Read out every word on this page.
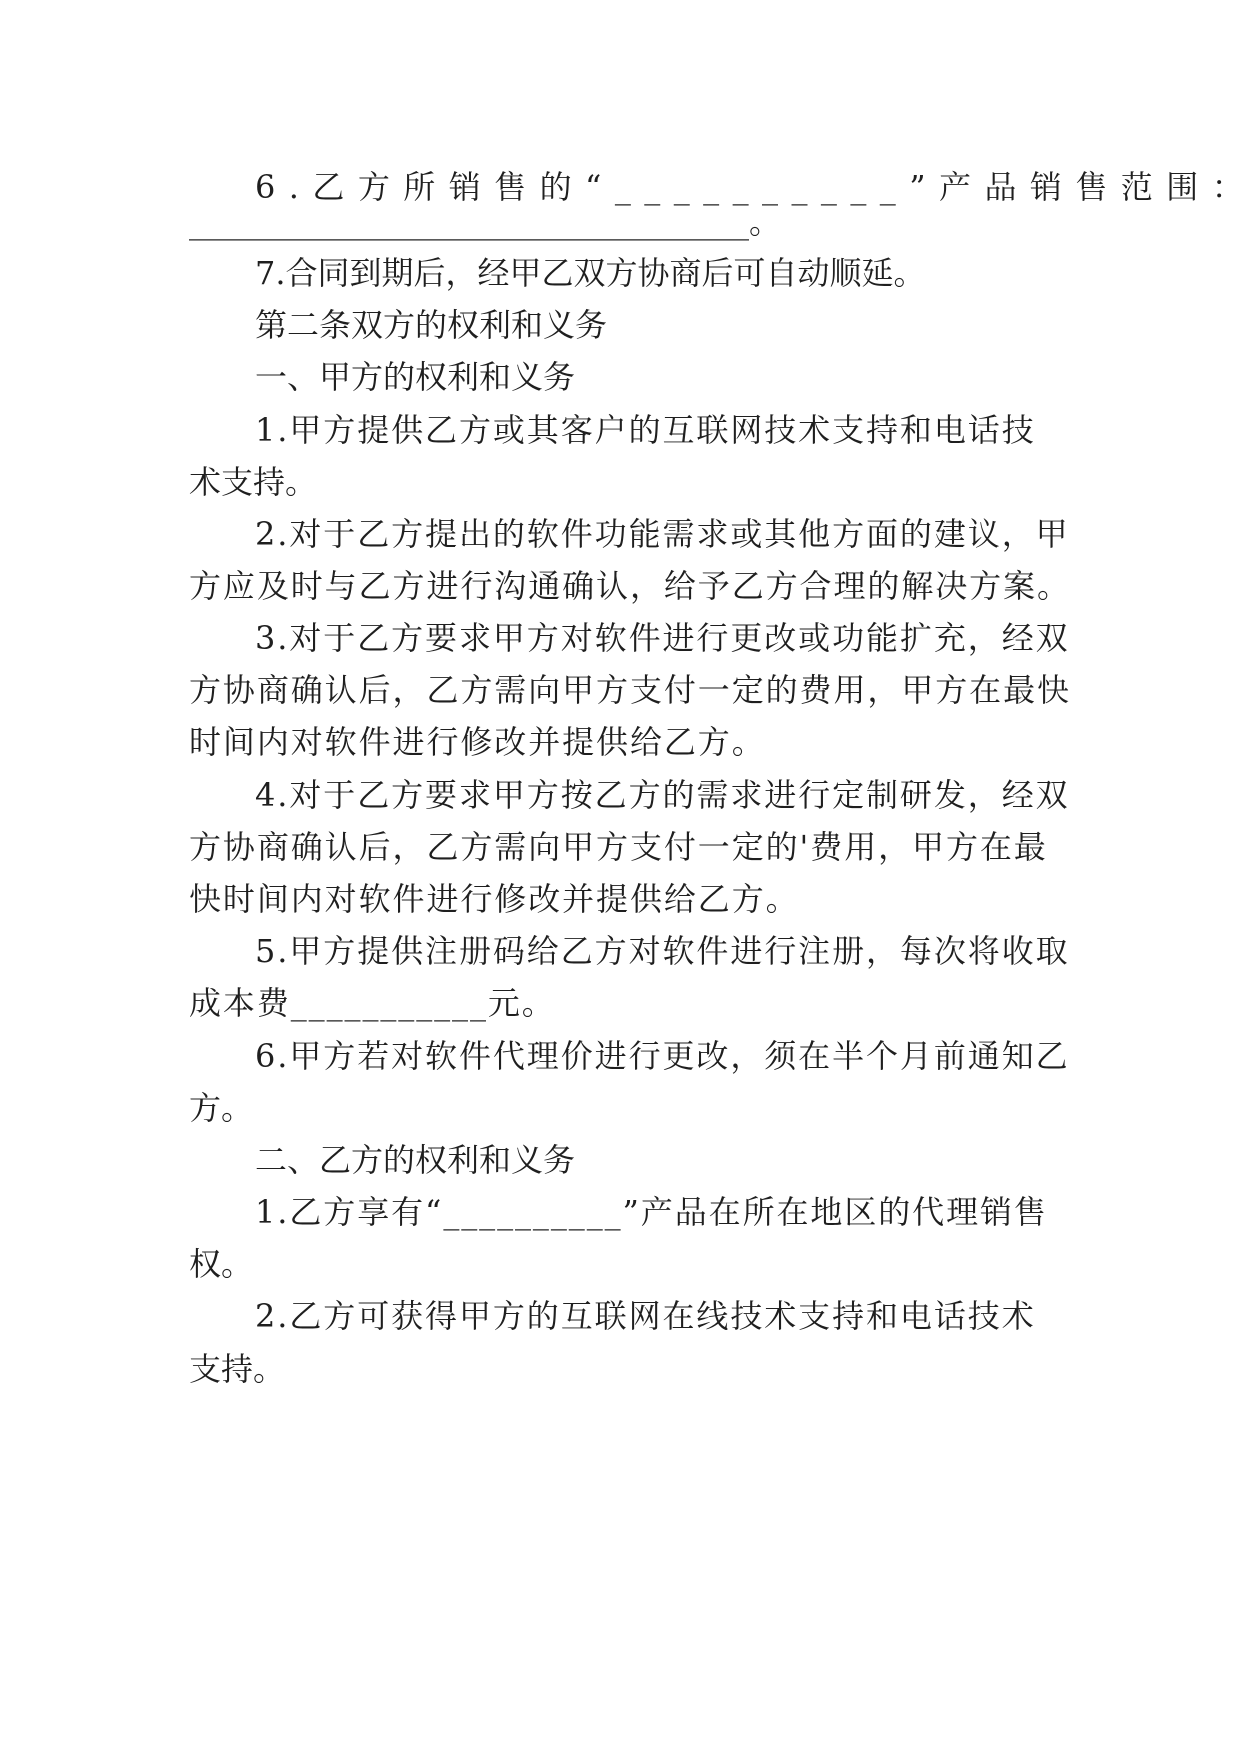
6.乙方所销售的“__________”产品销售范围：
___________________________________。
7.合同到期后，经甲乙双方协商后可自动顺延。
第二条双方的权利和义务
一、甲方的权利和义务
1.甲方提供乙方或其客户的互联网技术支持和电话技
术支持。
2.对于乙方提出的软件功能需求或其他方面的建议，甲
方应及时与乙方进行沟通确认，给予乙方合理的解决方案。
3.对于乙方要求甲方对软件进行更改或功能扩充，经双
方协商确认后，乙方需向甲方支付一定的费用，甲方在最快
时间内对软件进行修改并提供给乙方。
4.对于乙方要求甲方按乙方的需求进行定制研发，经双
方协商确认后，乙方需向甲方支付一定的'费用，甲方在最
快时间内对软件进行修改并提供给乙方。
5.甲方提供注册码给乙方对软件进行注册，每次将收取
成本费___________元。
6.甲方若对软件代理价进行更改，须在半个月前通知乙
方。
二、乙方的权利和义务
1.乙方享有“__________”产品在所在地区的代理销售
权。
2.乙方可获得甲方的互联网在线技术支持和电话技术
支持。
